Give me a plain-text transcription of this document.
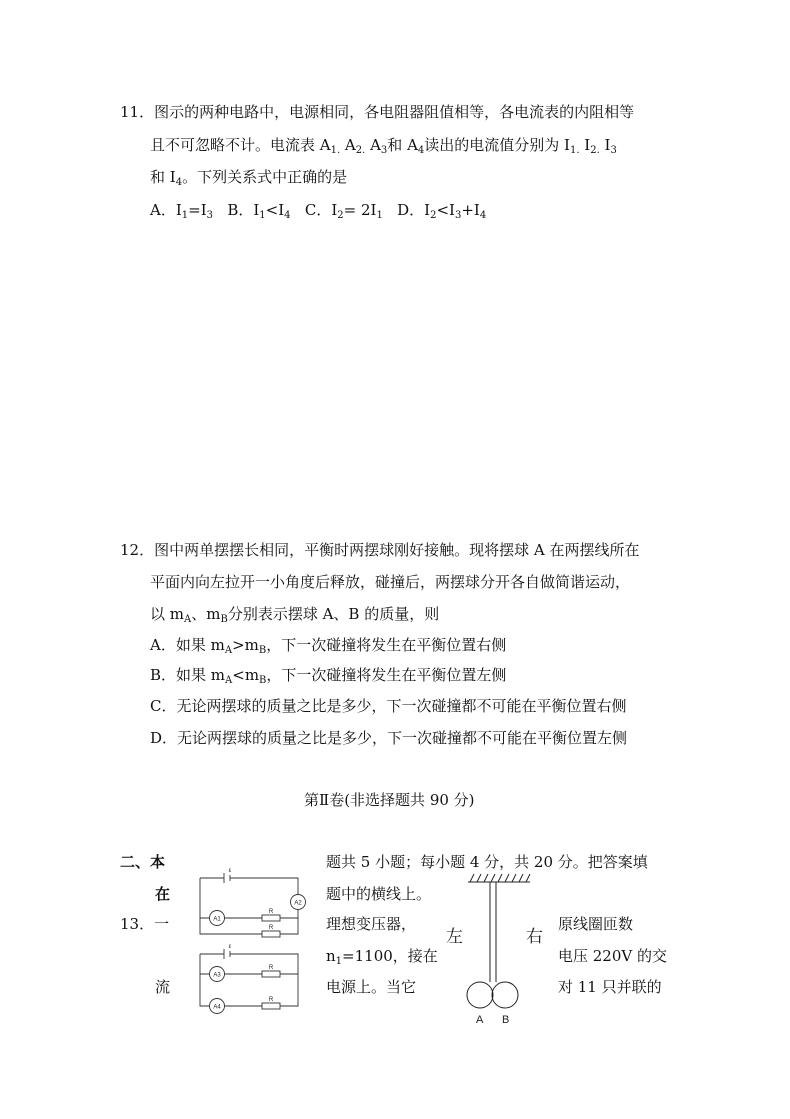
11．图示的两种电路中，电源相同，各电阻器阻值相等，各电流表的内阻相等
且不可忽略不计。电流表 $A_{1.}$ $A_{2.}$ $A_3$和 $A_4$读出的电流值分别为 $I_{1.}$ $I_{2.}$ $I_3$
和 $I_4$。下列关系式中正确的是
A．$I_1=I_3$ B．$I_1<I_4$ C．$I_2= 2I_1$ D．$I_2<I_3+I_4$
12．图中两单摆摆长相同，平衡时两摆球刚好接触。现将摆球 A 在两摆线所在
平面内向左拉开一小角度后释放，碰撞后，两摆球分开各自做简谐运动，
以 $m_A$、$m_B$分别表示摆球 A、B 的质量，则
A．如果 $m_A>m_B$，下一次碰撞将发生在平衡位置右侧
B．如果 $m_A<m_B$，下一次碰撞将发生在平衡位置左侧
C．无论两摆球的质量之比是多少，下一次碰撞都不可能在平衡位置右侧
D．无论两摆球的质量之比是多少，下一次碰撞都不可能在平衡位置左侧
第Ⅱ卷(非选择题共 90 分)
二、本
在
题共 5 小题；每小题 4 分，共 20 分。把答案填
题中的横线上。
13．一	理想变压器，	原线圈匝数
$n_1=1100$，接在	电压 220V 的交
流	电源上。当它	对 11 只并联的
ε
ε
A2
A1
R
R
A3
R
A4
R
左	右
A B
